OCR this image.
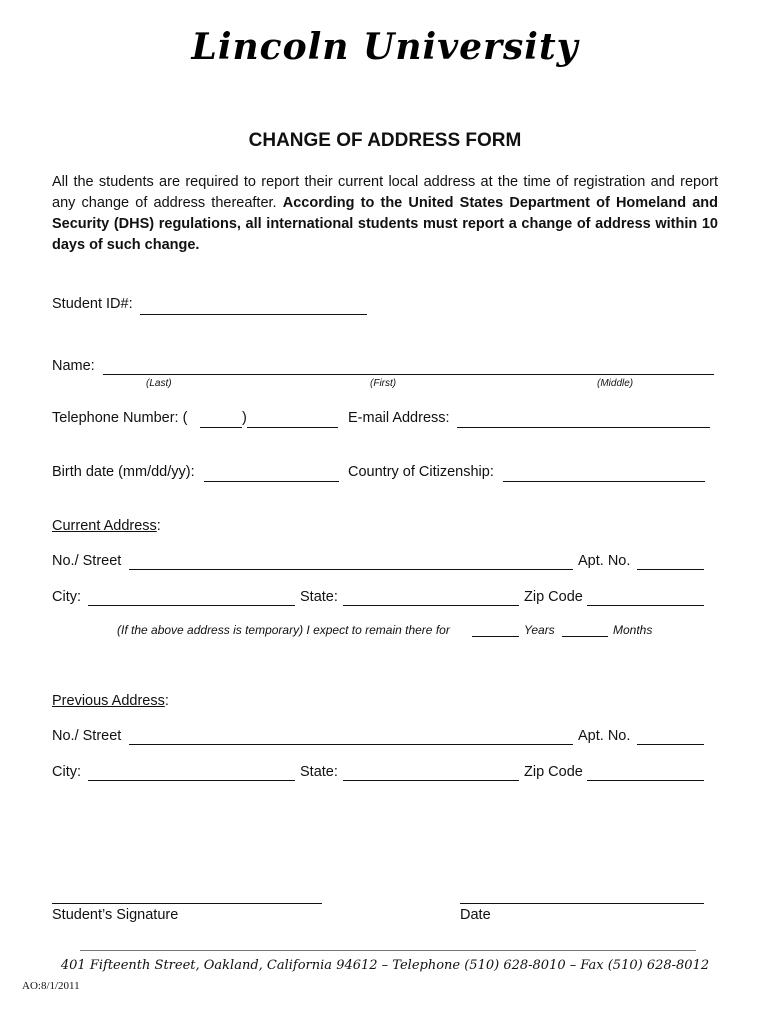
Lincoln University
CHANGE OF ADDRESS FORM
All the students are required to report their current local address at the time of registration and report any change of address thereafter. According to the United States Department of Homeland and Security (DHS) regulations, all international students must report a change of address within 10 days of such change.
Student ID#:
Name:
(Last)	(First)	(Middle)
Telephone Number: (	)	E-mail Address:
Birth date (mm/dd/yy):	Country of Citizenship:
Current Address:
No./ Street	Apt. No.
City:	State:	Zip Code
(If the above address is temporary) I expect to remain there for	Years	Months
Previous Address:
No./ Street	Apt. No.
City:	State:	Zip Code
Student’s Signature	Date
401 Fifteenth Street, Oakland, California 94612 – Telephone (510) 628-8010 – Fax (510) 628-8012
AO:8/1/2011
